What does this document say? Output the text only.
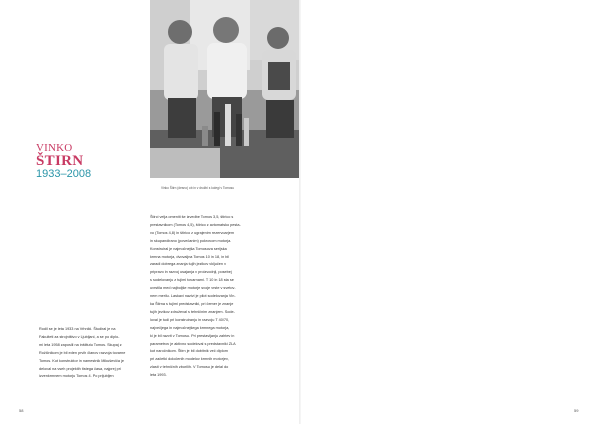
Vinko Štirn (desno) ob in v družbi s kolegi v Tomosu
VINKO
ŠTIRN
1933–2008

Rodil se je leta 1933 na Vrhniki. Študiral je na

Fakulteti za strojništvo v Ljubljani, a se po diplo-

mi leta 1958 zaposlil na inštitutu Tomos. Skupaj z

Rožičnikom je bil eden prvih članov razvoja tovarne

Tomos. Kot konstruktor in namestnik Mikuševiča je

deloval na vseh projektih tistega časa, najprej pri

izvenkrmnem motorju Tomos 4. Po prijubljen

Štirci velja omeniti še izvedbe Tomos 3,5, štirico s

prestavnikom (Tomos 4,5), štirico z avtomatsko pesta-

vo (Tomos 4,8) in štirico z ugrajenim rezervoarjem

in skupandirano (povečanim) pokrovom motorja.

Konstruiral je najmočnejša Tomosova serijska

krmna motorja, dvovaljna Tomos 10 in 18, in bil

zaradi dobrega znanja tujih jezikov vključen v

pripravo in razvoj usajanja v proizvodnji, posebej

s sodelovanju z tujimi tovarnami. T 10 in 18 sta se

uvrstila med najboljše motorje svoje vrste v svetov-

nem merilu. Laskavi nazivi je pilot sodelovanja Vin-

ka Štirna s tujimi predstavniki, pri čemer je znanje

tujih jezikov združeval s tehničnim znanjem. Sode-

loval je tudi pri konstruiranju in razvoju T 40/70,

največjega in najmočnejšega krmnega motorja,

ki je bil razvit v Tomosu. Pri prestavljanju zahtev in

parametrov je aktivno sodeloval s predstavniki ZLA

kot naročnikom. Štirn je bil dobitnik več diplom

pri začetki določenih modelov krmnih motorjev,

zlasti v tehničnih zborilih. V Tomosu je delal do

leta 1993.

58	59
